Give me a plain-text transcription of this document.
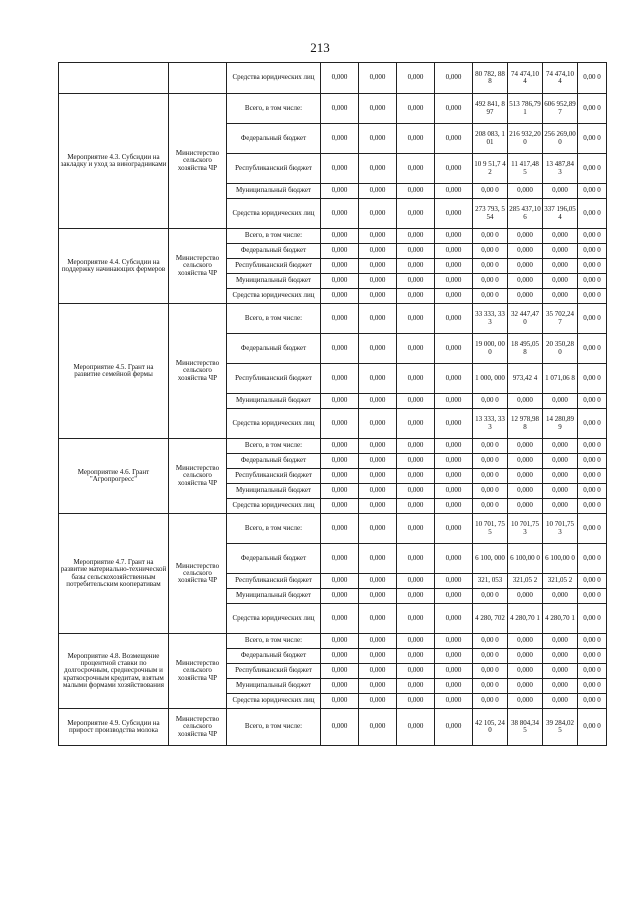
213
		Средства юридических лиц	0,000	0,000	0,000	0,000	80 782, 888	74 474,10 4	74 474,10 4	0,00 0
Мероприятие 4.3. Субсидии на закладку и уход за виноградниками	Министерство сельского хозяйства ЧР	Всего, в том числе:	0,000	0,000	0,000	0,000	492 841, 897	513 786,79 1	606 952,89 7	0,00 0
		Федеральный бюджет	0,000	0,000	0,000	0,000	208 083, 101	216 932,20 0	256 269,00 0	0,00 0
		Республиканский бюджет	0,000	0,000	0,000	0,000	10 9 51,7 42	11 417,48 5	13 487,84 3	0,00 0
		Муниципальный бюджет	0,000	0,000	0,000	0,000	0,00 0	0,000	0,000	0,00 0
		Средства юридических лиц	0,000	0,000	0,000	0,000	273 793, 554	285 437,10 6	337 196,05 4	0,00 0
Мероприятие 4.4. Субсидии на поддержку начинающих фермеров	Министерство сельского хозяйства ЧР	Всего, в том числе:	0,000	0,000	0,000	0,000	0,00 0	0,000	0,000	0,00 0
		Федеральный бюджет	0,000	0,000	0,000	0,000	0,00 0	0,000	0,000	0,00 0
		Республиканский бюджет	0,000	0,000	0,000	0,000	0,00 0	0,000	0,000	0,00 0
		Муниципальный бюджет	0,000	0,000	0,000	0,000	0,00 0	0,000	0,000	0,00 0
		Средства юридических лиц	0,000	0,000	0,000	0,000	0,00 0	0,000	0,000	0,00 0
Мероприятие 4.5. Грант на развитие семейной фермы	Министерство сельского хозяйства ЧР	Всего, в том числе:	0,000	0,000	0,000	0,000	33 333, 333	32 447,47 0	35 702,24 7	0,00 0
		Федеральный бюджет	0,000	0,000	0,000	0,000	19 000, 000	18 495,05 8	20 350,28 0	0,00 0
		Республиканский бюджет	0,000	0,000	0,000	0,000	1 000, 000	973,42 4	1 071,06 8	0,00 0
		Муниципальный бюджет	0,000	0,000	0,000	0,000	0,00 0	0,000	0,000	0,00 0
		Средства юридических лиц	0,000	0,000	0,000	0,000	13 333, 333	12 978,98 8	14 280,89 9	0,00 0
Мероприятие 4.6. Грант "Агропрогресс"	Министерство сельского хозяйства ЧР	Всего, в том числе:	0,000	0,000	0,000	0,000	0,00 0	0,000	0,000	0,00 0
		Федеральный бюджет	0,000	0,000	0,000	0,000	0,00 0	0,000	0,000	0,00 0
		Республиканский бюджет	0,000	0,000	0,000	0,000	0,00 0	0,000	0,000	0,00 0
		Муниципальный бюджет	0,000	0,000	0,000	0,000	0,00 0	0,000	0,000	0,00 0
		Средства юридических лиц	0,000	0,000	0,000	0,000	0,00 0	0,000	0,000	0,00 0
Мероприятие 4.7. Грант на развитие материально-технической базы сельскохозяйственным потребительским кооперативам	Министерство сельского хозяйства ЧР	Всего, в том числе:	0,000	0,000	0,000	0,000	10 701, 755	10 701,75 3	10 701,75 3	0,00 0
		Федеральный бюджет	0,000	0,000	0,000	0,000	6 100, 000	6 100,00 0	6 100,00 0	0,00 0
		Республиканский бюджет	0,000	0,000	0,000	0,000	321, 053	321,05 2	321,05 2	0,00 0
		Муниципальный бюджет	0,000	0,000	0,000	0,000	0,00 0	0,000	0,000	0,00 0
		Средства юридических лиц	0,000	0,000	0,000	0,000	4 280, 702	4 280,70 1	4 280,70 1	0,00 0
Мероприятие 4.8. Возмещение процентной ставки по долгосрочным, среднесрочным и краткосрочным кредитам, взятым малыми формами хозяйствования	Министерство сельского хозяйства ЧР	Всего, в том числе:	0,000	0,000	0,000	0,000	0,00 0	0,000	0,000	0,00 0
		Федеральный бюджет	0,000	0,000	0,000	0,000	0,00 0	0,000	0,000	0,00 0
		Республиканский бюджет	0,000	0,000	0,000	0,000	0,00 0	0,000	0,000	0,00 0
		Муниципальный бюджет	0,000	0,000	0,000	0,000	0,00 0	0,000	0,000	0,00 0
		Средства юридических лиц	0,000	0,000	0,000	0,000	0,00 0	0,000	0,000	0,00 0
Мероприятие 4.9. Субсидии на прирост производства молока	Министерство сельского хозяйства ЧР	Всего, в том числе:	0,000	0,000	0,000	0,000	42 105, 240	38 804,34 5	39 284,02 5	0,00 0
